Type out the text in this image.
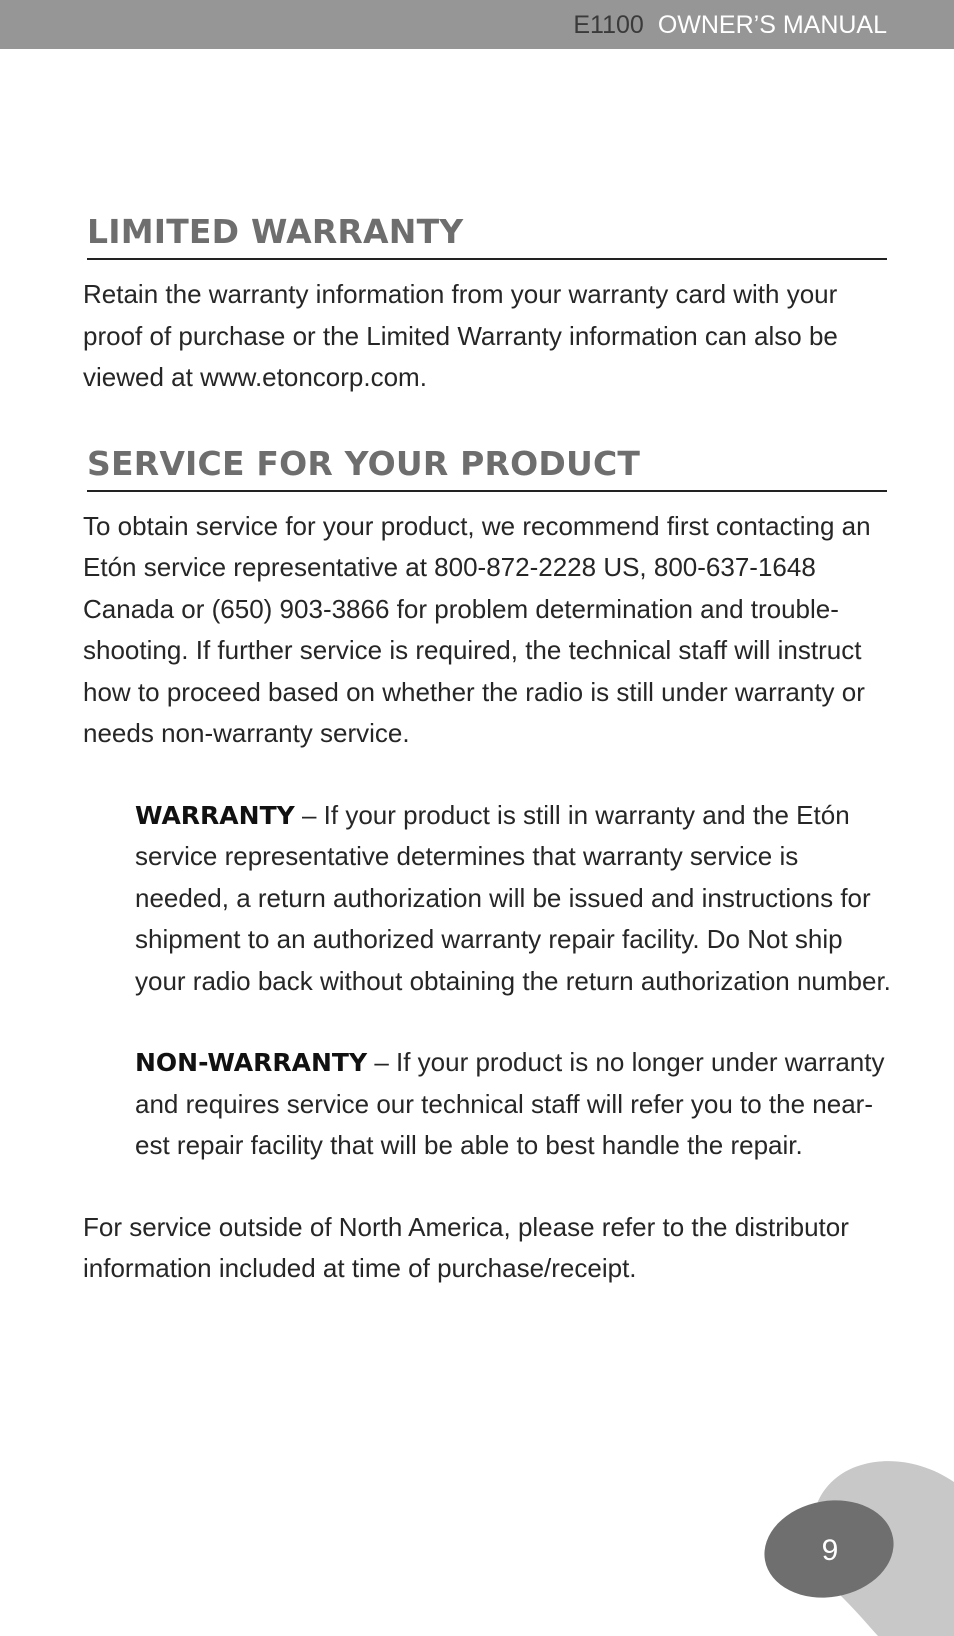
E1100 OWNER’S MANUAL
LIMITED WARRANTY

Retain the warranty information from your warranty card with your proof of purchase or the Limited Warranty information can also be viewed at www.etoncorp.com.

SERVICE FOR YOUR PRODUCT

To obtain service for your product, we recommend first contacting an Etón service representative at 800-872-2228 US, 800-637-1648 Canada or (650) 903-3866 for problem determination and trouble-shooting. If further service is required, the technical staff will instruct how to proceed based on whether the radio is still under warranty or needs non-warranty service.

WARRANTY – If your product is still in warranty and the Etón service representative determines that warranty service is needed, a return authorization will be issued and instructions for shipment to an authorized warranty repair facility. Do Not ship your radio back without obtaining the return authorization number.

NON-WARRANTY – If your product is no longer under warranty and requires service our technical staff will refer you to the near-est repair facility that will be able to best handle the repair.

For service outside of North America, please refer to the distributor information included at time of purchase/receipt.

9
